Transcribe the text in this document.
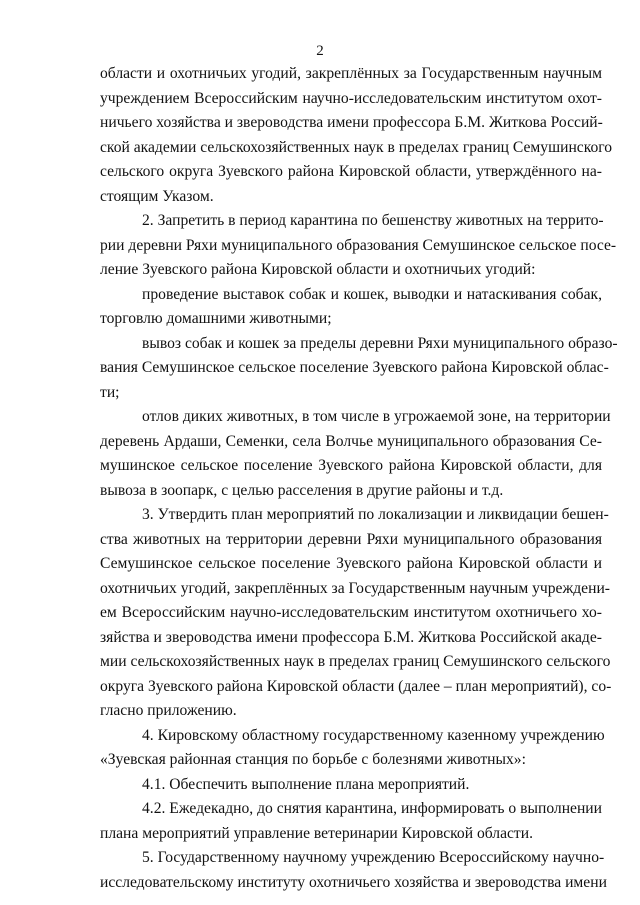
2
области и охотничьих угодий, закреплённых за Государственным научным
учреждением Всероссийским научно-исследовательским институтом охот-
ничьего хозяйства и звероводства имени профессора Б.М. Житкова Россий-
ской академии сельскохозяйственных наук в пределах границ Семушинского
сельского округа Зуевского района Кировской области, утверждённого на-
стоящим Указом.
2. Запретить в период карантина по бешенству животных на террито-
рии деревни Ряхи муниципального образования Семушинское сельское посе-
ление Зуевского района Кировской области и охотничьих угодий:
проведение выставок собак и кошек, выводки и натаскивания собак,
торговлю домашними животными;
вывоз собак и кошек за пределы деревни Ряхи муниципального образо-
вания Семушинское сельское поселение Зуевского района Кировской облас-
ти;
отлов диких животных, в том числе в угрожаемой зоне, на территории
деревень Ардаши, Семенки, села Волчье муниципального образования Се-
мушинское сельское поселение Зуевского района Кировской области, для
вывоза в зоопарк, с целью расселения в другие районы и т.д.
3. Утвердить план мероприятий по локализации и ликвидации бешен-
ства животных на территории деревни Ряхи муниципального образования
Семушинское сельское поселение Зуевского района Кировской области и
охотничьих угодий, закреплённых за Государственным научным учреждени-
ем Всероссийским научно-исследовательским институтом охотничьего хо-
зяйства и звероводства имени профессора Б.М. Житкова Российской акаде-
мии сельскохозяйственных наук в пределах границ Семушинского сельского
округа Зуевского района Кировской области (далее – план мероприятий), со-
гласно приложению.
4. Кировскому областному государственному казенному учреждению
«Зуевская районная станция по борьбе с болезнями животных»:
4.1. Обеспечить выполнение плана мероприятий.
4.2. Ежедекадно, до снятия карантина, информировать о выполнении
плана мероприятий управление ветеринарии Кировской области.
5. Государственному научному учреждению Всероссийскому научно-
исследовательскому институту охотничьего хозяйства и звероводства имени
